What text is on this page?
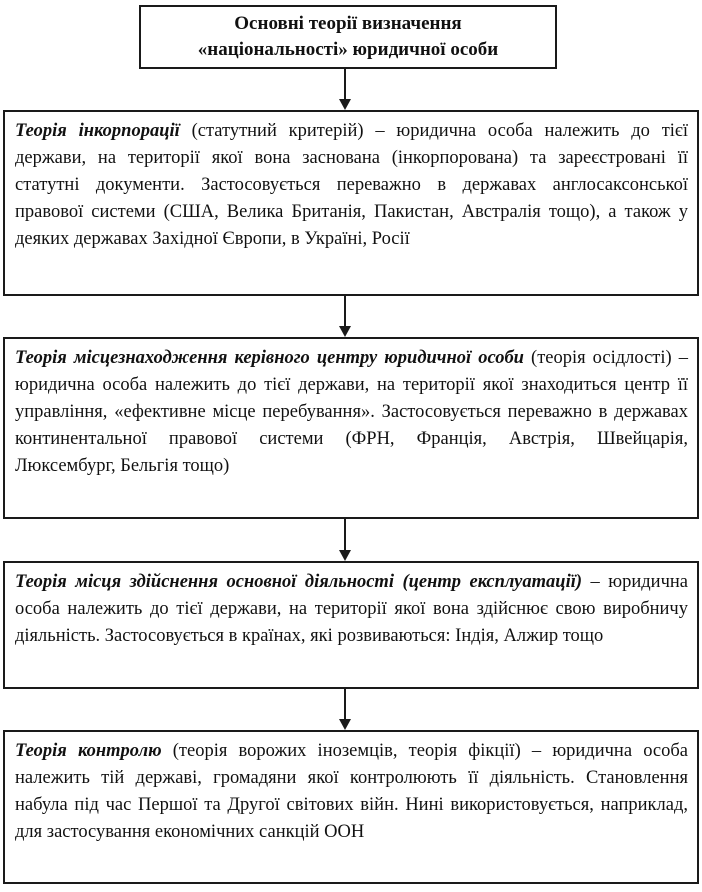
Основні теорії визначення
«національності» юридичної особи
Теорія інкорпорації (статутний критерій) – юридична особа належить до тієї держави, на території якої вона заснована (інкорпорована) та зареєстровані її статутні документи. Застосовується переважно в державах англосаксонської правової системи (США, Велика Британія, Пакистан, Австралія тощо), а також у деяких державах Західної Європи, в Україні, Росії
Теорія місцезнаходження керівного центру юридичної особи (теорія осідлості) – юридична особа належить до тієї держави, на території якої знаходиться центр її управління, «ефективне місце перебування». Застосовується переважно в державах континентальної правової системи (ФРН, Франція, Австрія, Швейцарія, Люксембург, Бельгія тощо)
Теорія місця здійснення основної діяльності (центр експлуатації) – юридична особа належить до тієї держави, на території якої вона здійснює свою виробничу діяльність. Застосовується в країнах, які розвиваються: Індія, Алжир тощо
Теорія контролю (теорія ворожих іноземців, теорія фікції) – юридична особа належить тій державі, громадяни якої контролюють її діяльність. Становлення набула під час Першої та Другої світових війн. Нині використовується, наприклад, для застосування економічних санкцій ООН
